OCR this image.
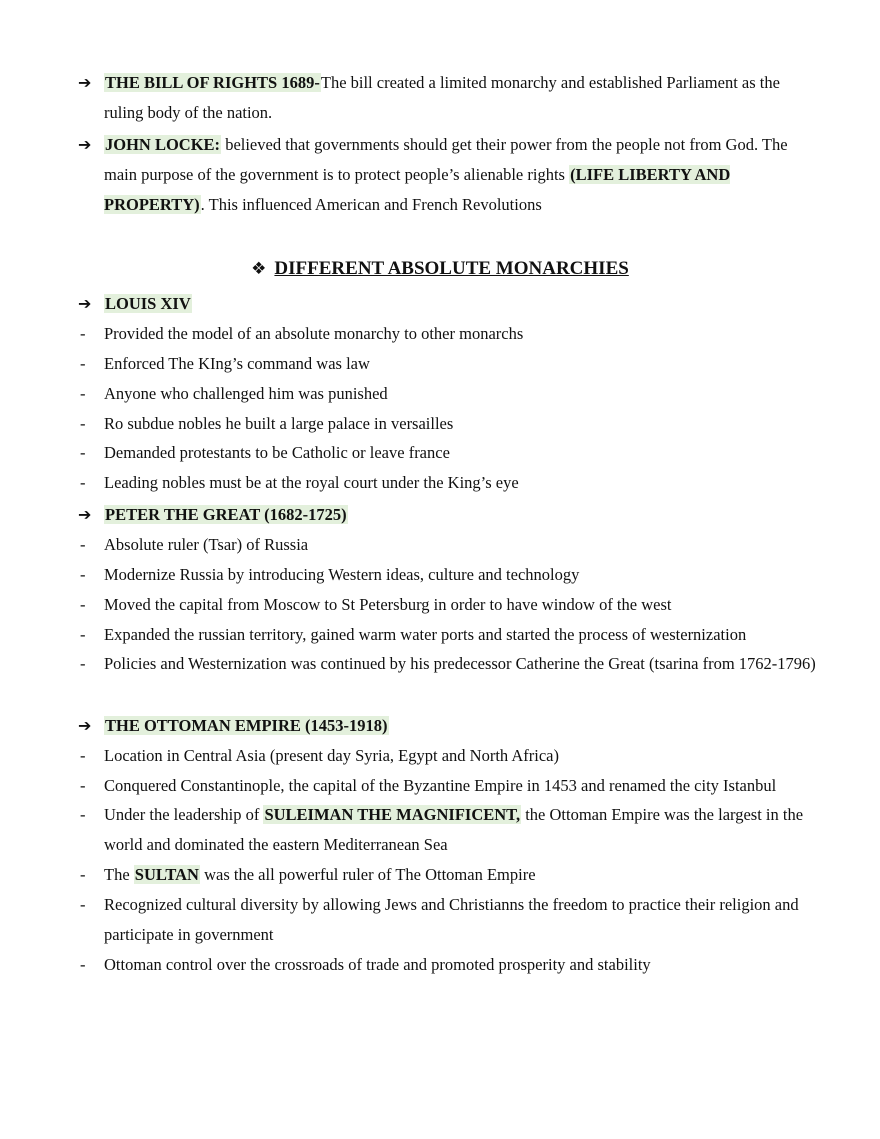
➔ THE BILL OF RIGHTS 1689-The bill created a limited monarchy and established Parliament as the ruling body of the nation.
➔ JOHN LOCKE: believed that governments should get their power from the people not from God. The main purpose of the government is to protect people’s alienable rights (LIFE LIBERTY AND PROPERTY). This influenced American and French Revolutions
❖ DIFFERENT ABSOLUTE MONARCHIES
➔ LOUIS XIV
-	Provided the model of an absolute monarchy to other monarchs
-	Enforced The KIng’s command was law
-	Anyone who challenged him was punished
-	Ro subdue nobles he built a large palace in versailles
-	Demanded protestants to be Catholic or leave france
-	Leading nobles must be at the royal court under the King’s eye
➔ PETER THE GREAT (1682-1725)
-	Absolute ruler (Tsar) of Russia
-	Modernize Russia by introducing Western ideas, culture and technology
-	Moved the capital from Moscow to St Petersburg in order to have window of the west
-	Expanded the russian territory, gained warm water ports and started the process of westernization
-	Policies and Westernization was continued by his predecessor Catherine the Great (tsarina from 1762-1796)
➔ THE OTTOMAN EMPIRE (1453-1918)
-	Location in Central Asia (present day Syria, Egypt and North Africa)
-	Conquered Constantinople, the capital of the Byzantine Empire in 1453 and renamed the city Istanbul
-	Under the leadership of SULEIMAN THE MAGNIFICENT, the Ottoman Empire was the largest in the world and dominated the eastern Mediterranean Sea
-	The SULTAN was the all powerful ruler of The Ottoman Empire
-	Recognized cultural diversity by allowing Jews and Christianns the freedom to practice their religion and participate in government
-	Ottoman control over the crossroads of trade and promoted prosperity and stability
